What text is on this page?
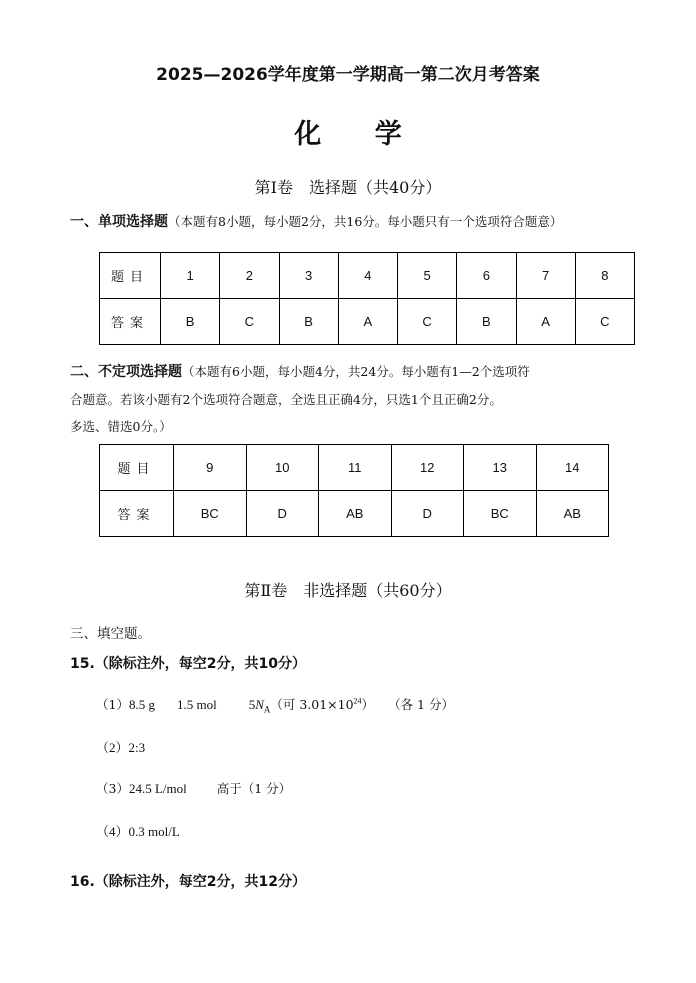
2025—2026学年度第一学期高一第二次月考答案
化 学
第Ⅰ卷　选择题（共40分）
一、单项选择题（本题有8小题，每小题2分，共16分。每小题只有一个选项符合题意）
题目	1	2	3	4	5	6	7	8
答案	B	C	B	A	C	B	A	C
二、不定项选择题（本题有6小题，每小题4分，共24分。每小题有1—2个选项符
合题意。若该小题有2个选项符合题意，全选且正确4分，只选1个且正确2分。
多选、错选0分。）
题目	9	10	11	12	13	14
答案	BC	D	AB	D	BC	AB
第Ⅱ卷　非选择题（共60分）
三、填空题。
15.（除标注外，每空2分，共10分）
（1）8.5 g 1.5 mol $5N_A$（可 $3.01\times 10^{24}$） （各 1 分）
（2）2:3
（3）24.5 L/mol 高于（1 分）
（4）0.3 mol/L
16.（除标注外，每空2分，共12分）
